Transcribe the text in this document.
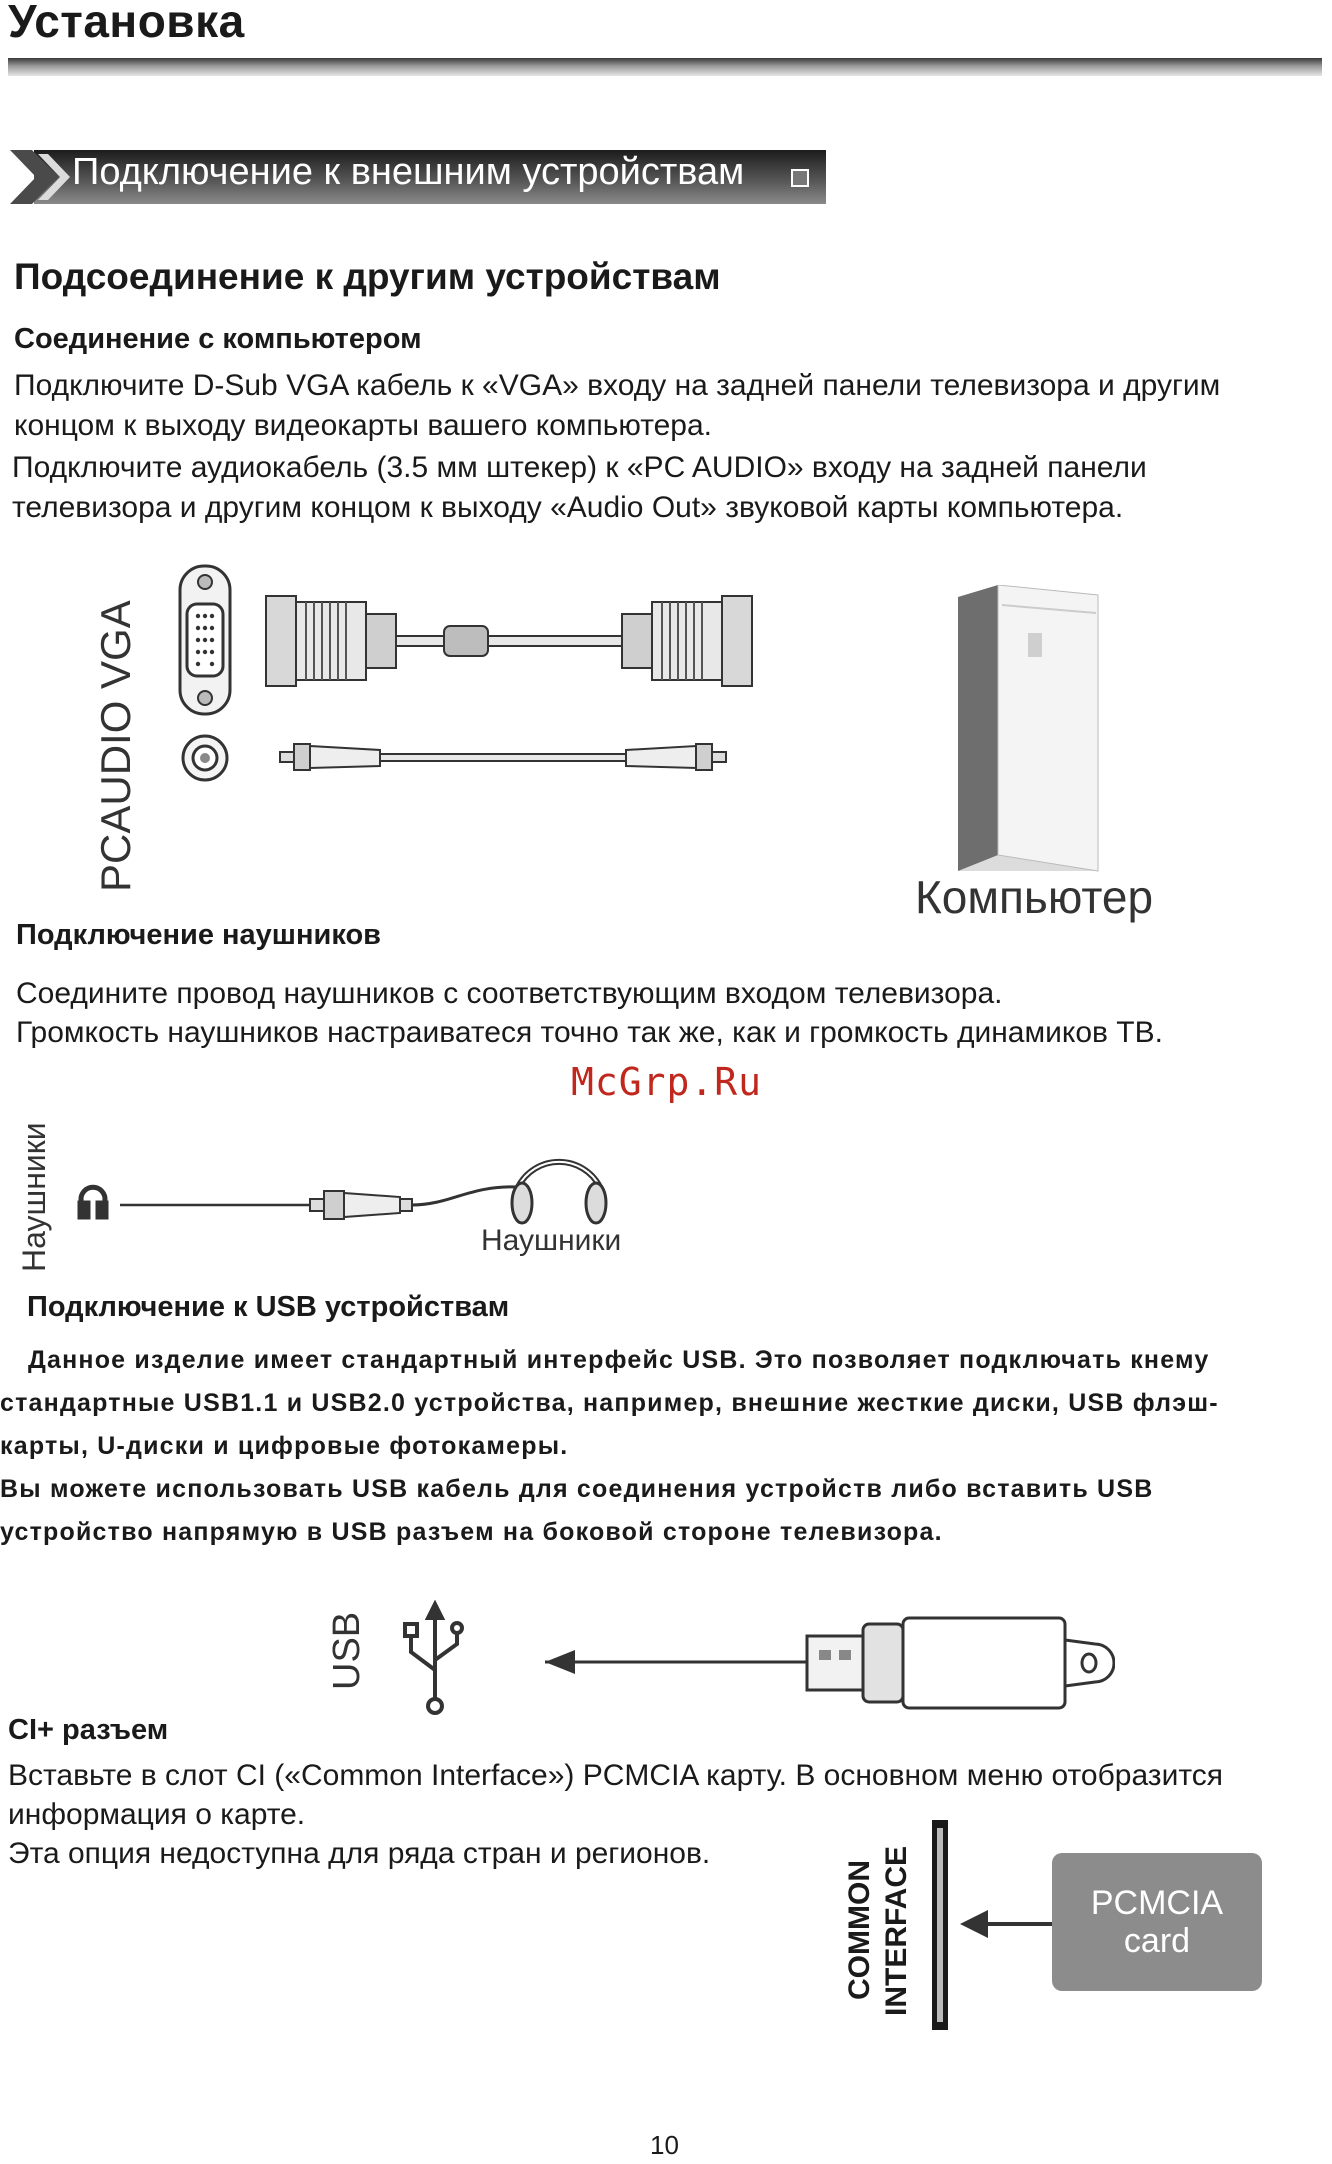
Установка
Подключение к внешним устройствам
Подсоединение к другим устройствам
Соединение с компьютером
Подключите D-Sub VGA кабель к «VGA» входу на задней панели телевизора и другим
концом к выходу видеокарты вашего компьютера.
Подключите аудиокабель (3.5 мм штекер) к «PC AUDIO» входу на задней панели
телевизора и другим концом к выходу «Audio Out» звуковой карты компьютера.
PCAUDIO VGA
Компьютер
Подключение наушников
Соедините провод наушников с соответствующим входом телевизора.
Громкость наушников настраиватеся точно так же, как и громкость динамиков ТВ.
McGrp.Ru
Наушники	Наушники
Подключение к USB устройствам
Данное изделие имеет стандартный интерфейс USB. Это позволяет подключать кнему
стандартные USB1.1 и USB2.0 устройства, например, внешние жесткие диски, USB флэш-
карты, U-диски и цифровые фотокамеры.
Вы можете использовать USB кабель для соединения устройств либо вставить USB
устройство напрямую в USB разъем на боковой стороне телевизора.
USB
CI+ разъем
Вставьте в слот CI («Common Interface») PCMCIA карту. В основном меню отобразится
информация о карте.
Эта опция недоступна для ряда стран и регионов.
COMMON INTERFACE	PCMCIA
card
10
